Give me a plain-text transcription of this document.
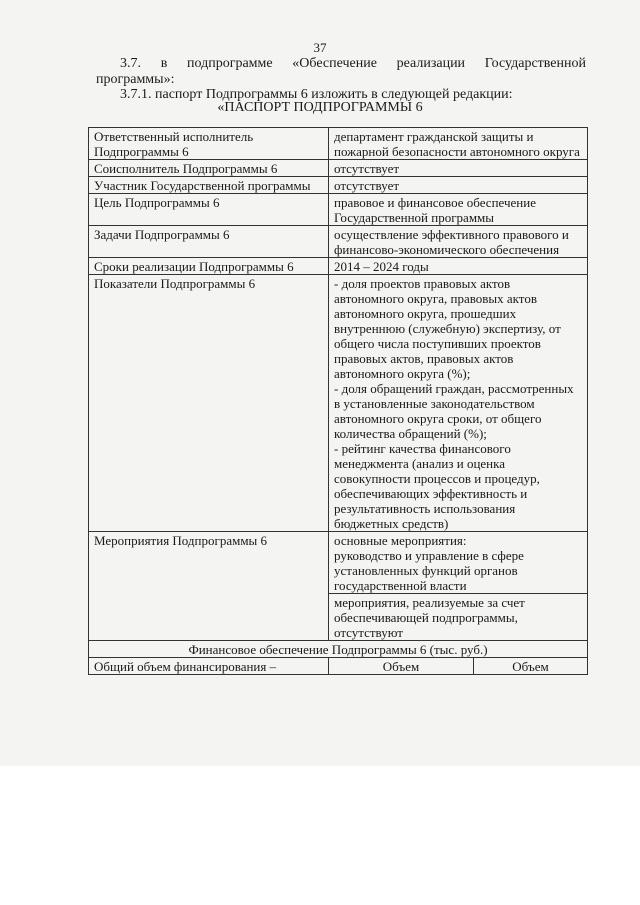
37
3.7. в подпрограмме «Обеспечение реализации Государственной программы»:
3.7.1. паспорт Подпрограммы 6 изложить в следующей редакции:
«ПАСПОРТ ПОДПРОГРАММЫ 6
Ответственный исполнитель Подпрограммы 6	департамент гражданской защиты и пожарной безопасности автономного округа	
Соисполнитель Подпрограммы 6	отсутствует	
Участник Государственной программы	отсутствует	
Цель Подпрограммы 6	правовое и финансовое обеспечение Государственной программы	
Задачи Подпрограммы 6	осуществление эффективного правового и финансово-экономического обеспечения	
Сроки реализации Подпрограммы 6	2014 – 2024 годы	
Показатели Подпрограммы 6	- доля проектов правовых актов автономного округа, правовых актов автономного округа, прошедших внутреннюю (служебную) экспертизу, от общего числа поступивших проектов правовых актов, правовых актов автономного округа (%);
- доля обращений граждан, рассмотренных в установленные законодательством автономного округа сроки, от общего количества обращений (%);
- рейтинг качества финансового менеджмента (анализ и оценка совокупности процессов и процедур, обеспечивающих эффективность и результативность использования бюджетных средств)	
Мероприятия Подпрограммы 6	основные мероприятия:
руководство и управление в сфере установленных функций органов государственной власти	
	мероприятия, реализуемые за счет обеспечивающей подпрограммы, отсутствуют	
Финансовое обеспечение Подпрограммы 6 (тыс. руб.)		
Общий объем финансирования –	Объем	Объем
